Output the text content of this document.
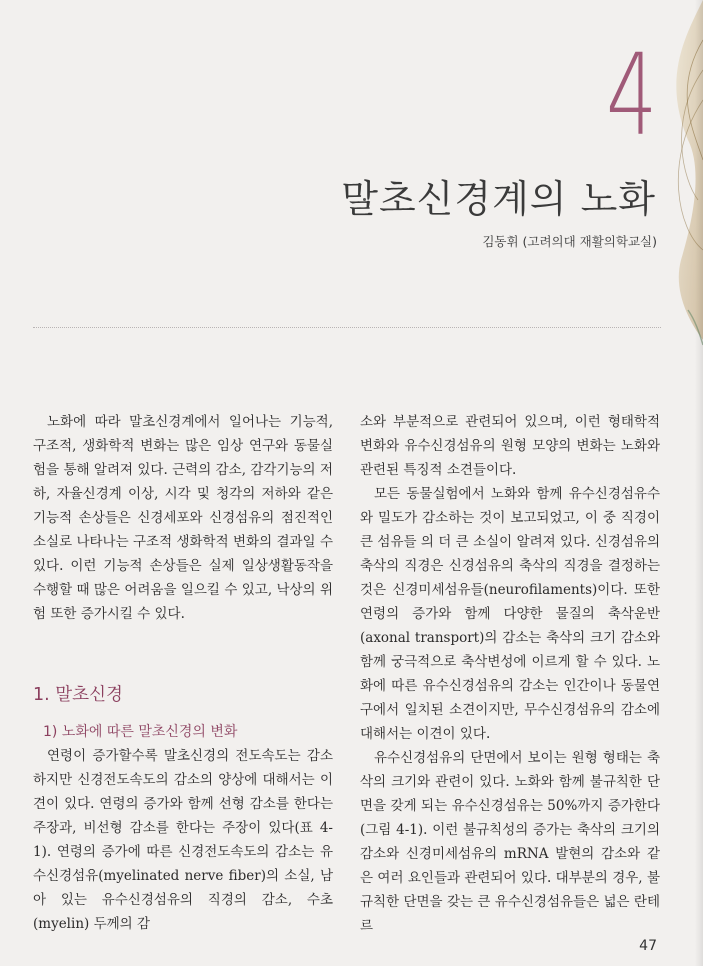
4
말초신경계의 노화
김동휘 (고려의대 재활의학교실)

노화에 따라 말초신경계에서 일어나는 기능적, 구조적, 생화학적 변화는 많은 임상 연구와 동물실험을 통해 알려져 있다. 근력의 감소, 감각기능의 저하, 자율신경계 이상, 시각 및 청각의 저하와 같은 기능적 손상들은 신경세포와 신경섬유의 점진적인 소실로 나타나는 구조적 생화학적 변화의 결과일 수 있다. 이런 기능적 손상들은 실제 일상생활동작을 수행할 때 많은 어려움을 일으킬 수 있고, 낙상의 위험 또한 증가시킬 수 있다.

1. 말초신경
1) 노화에 따른 말초신경의 변화

연령이 증가할수록 말초신경의 전도속도는 감소하지만 신경전도속도의 감소의 양상에 대해서는 이견이 있다. 연령의 증가와 함께 선형 감소를 한다는 주장과, 비선형 감소를 한다는 주장이 있다(표 4-1). 연령의 증가에 따른 신경전도속도의 감소는 유수신경섬유(myelinated nerve fiber)의 소실, 남아 있는 유수신경섬유의 직경의 감소, 수초(myelin) 두께의 감

소와 부분적으로 관련되어 있으며, 이런 형태학적 변화와 유수신경섬유의 원형 모양의 변화는 노화와 관련된 특징적 소견들이다.

모든 동물실험에서 노화와 함께 유수신경섬유수와 밀도가 감소하는 것이 보고되었고, 이 중 직경이 큰 섬유들 의 더 큰 소실이 알려져 있다. 신경섬유의 축삭의 직경은 신경섬유의 축삭의 직경을 결정하는 것은 신경미세섬유들(neurofilaments)이다. 또한 연령의 증가와 함께 다양한 물질의 축삭운반(axonal transport)의 감소는 축삭의 크기 감소와 함께 궁극적으로 축삭변성에 이르게 할 수 있다. 노화에 따른 유수신경섬유의 감소는 인간이나 동물연구에서 일치된 소견이지만, 무수신경섬유의 감소에 대해서는 이견이 있다.

유수신경섬유의 단면에서 보이는 원형 형태는 축삭의 크기와 관련이 있다. 노화와 함께 불규칙한 단면을 갖게 되는 유수신경섬유는 50%까지 증가한다(그림 4-1). 이런 불규칙성의 증가는 축삭의 크기의 감소와 신경미세섬유의 mRNA 발현의 감소와 같은 여러 요인들과 관련되어 있다. 대부분의 경우, 불규칙한 단면을 갖는 큰 유수신경섬유들은 넓은 란테르

47
